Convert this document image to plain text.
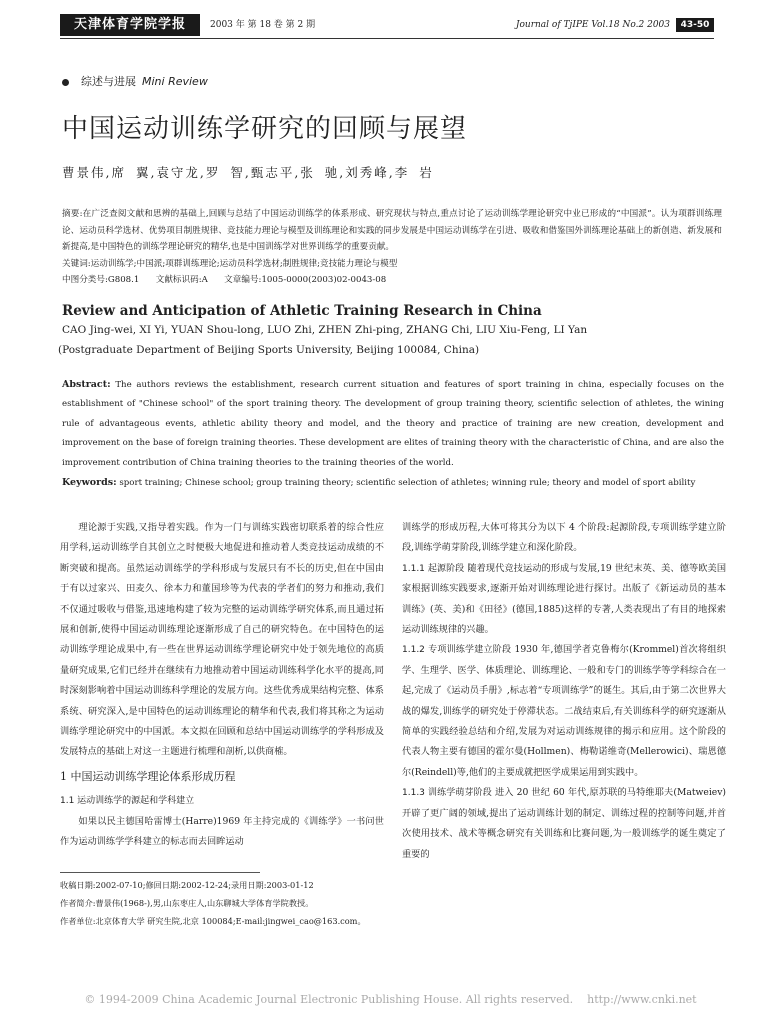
天津体育学院学报	2003 年 第 18 卷 第 2 期	Journal of TjIPE Vol.18 No.2 2003	43-50
综述与进展 Mini Review
中国运动训练学研究的回顾与展望
曹景伟,席 翼,袁守龙,罗 智,甄志平,张 驰,刘秀峰,李 岩

摘要:在广泛查阅文献和思辨的基础上,回顾与总结了中国运动训练学的体系形成、研究现状与特点,重点讨论了运动训练学理论研究中业已形成的“中国派”。认为项群训练理论、运动员科学选材、优势项目制胜规律、竞技能力理论与模型及训练理论和实践的同步发展是中国运动训练学在引进、吸收和借鉴国外训练理论基础上的新创造、新发展和新提高,是中国特色的训练学理论研究的精华,也是中国训练学对世界训练学的重要贡献。

关键词:运动训练学;中国派;项群训练理论;运动员科学选材;制胜规律;竞技能力理论与模型

中图分类号:G808.1      文献标识码:A      文章编号:1005-0000(2003)02-0043-08

Review and Anticipation of Athletic Training Research in China
CAO Jing-wei, XI Yi, YUAN Shou-long, LUO Zhi, ZHEN Zhi-ping, ZHANG Chi, LIU Xiu-Feng, LI Yan
(Postgraduate Department of Beijing Sports University, Beijing 100084, China)

Abstract: The authors reviews the establishment, research current situation and features of sport training in china, especially focuses on the establishment of "Chinese school" of the sport training theory. The development of group training theory, scientific selection of athletes, the wining rule of advantageous events, athletic ability theory and model, and the theory and practice of training are new creation, development and improvement on the base of foreign training theories. These development are elites of training theory with the characteristic of China, and are also the improvement contribution of China training theories to the training theories of the world.

Keywords: sport training; Chinese school; group training theory; scientific selection of athletes; winning rule; theory and model of sport ability

理论源于实践,又指导着实践。作为一门与训练实践密切联系着的综合性应用学科,运动训练学自其创立之时便极大地促进和推动着人类竞技运动成绩的不断突破和提高。虽然运动训练学的学科形成与发展只有不长的历史,但在中国由于有以过家兴、田麦久、徐本力和董国珍等为代表的学者们的努力和推动,我们不仅通过吸收与借鉴,迅速地构建了较为完整的运动训练学研究体系,而且通过拓展和创新,使得中国运动训练理论逐渐形成了自己的研究特色。在中国特色的运动训练学理论成果中,有一些在世界运动训练学理论研究中处于领先地位的高质量研究成果,它们已经并在继续有力地推动着中国运动训练科学化水平的提高,同时深刻影响着中国运动训练科学理论的发展方向。这些优秀成果结构完整、体系系统、研究深入,是中国特色的运动训练理论的精华和代表,我们将其称之为运动训练学理论研究中的中国派。本文拟在回顾和总结中国运动训练学的学科形成及发展特点的基础上对这一主题进行梳理和剖析,以供商榷。

1 中国运动训练学理论体系形成历程

1.1 运动训练学的源起和学科建立

如果以民主德国哈雷博士(Harre)1969 年主持完成的《训练学》一书问世作为运动训练学学科建立的标志而去回眸运动

训练学的形成历程,大体可将其分为以下 4 个阶段:起源阶段,专项训练学建立阶段,训练学萌芽阶段,训练学建立和深化阶段。

1.1.1 起源阶段 随着现代竞技运动的形成与发展,19 世纪末英、美、德等欧美国家根据训练实践要求,逐渐开始对训练理论进行探讨。出版了《新运动员的基本训练》(英、美)和《田径》(德国,1885)这样的专著,人类表现出了有目的地探索运动训练规律的兴趣。

1.1.2 专项训练学建立阶段 1930 年,德国学者克鲁梅尔(Krommel)首次将组织学、生理学、医学、体质理论、训练理论、一般和专门的训练学等学科综合在一起,完成了《运动员手册》,标志着“专项训练学”的诞生。其后,由于第二次世界大战的爆发,训练学的研究处于停滞状态。二战结束后,有关训练科学的研究逐渐从简单的实践经验总结和介绍,发展为对运动训练规律的揭示和应用。这个阶段的代表人物主要有德国的霍尔曼(Hollmen)、梅勒诺维奇(Mellerowici)、瑞恩德尔(Reindell)等,他们的主要成就把医学成果运用到实践中。

1.1.3 训练学萌芽阶段 进入 20 世纪 60 年代,原苏联的马特维耶夫(Matweiev)开辟了更广阔的领域,提出了运动训练计划的制定、训练过程的控制等问题,并首次使用技术、战术等概念研究有关训练和比赛问题,为一般训练学的诞生奠定了重要的

收稿日期:2002-07-10;修回日期:2002-12-24;录用日期:2003-01-12

作者简介:曹景伟(1968-),男,山东枣庄人,山东聊城大学体育学院教授。

作者单位:北京体育大学 研究生院,北京 100084;E-mail:jingwei_cao@163.com。

© 1994-2009 China Academic Journal Electronic Publishing House. All rights reserved.    http://www.cnki.net
